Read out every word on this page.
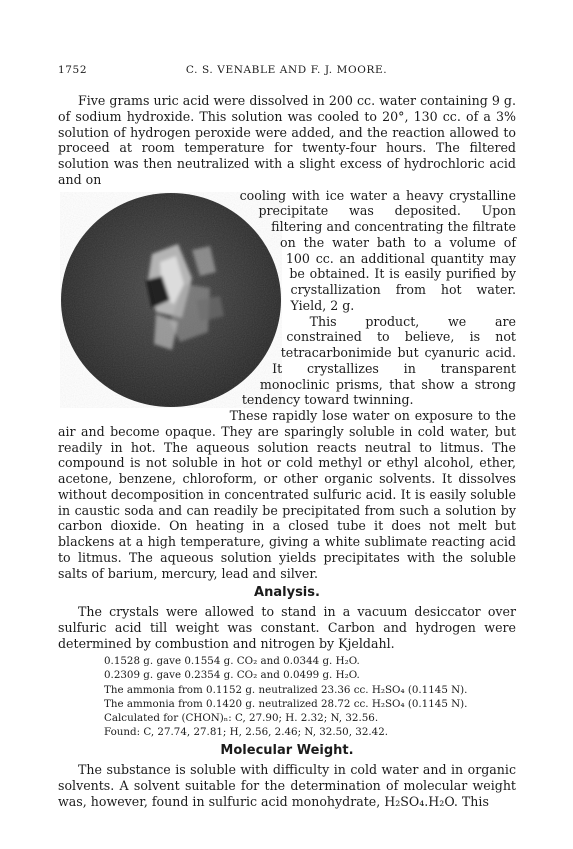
1752	C. S. VENABLE AND F. J. MOORE.

Five grams uric acid were dissolved in 200 cc. water containing 9 g. of sodium hydroxide. This solution was cooled to 20°, 130 cc. of a 3% solution of hydrogen peroxide were added, and the reaction allowed to proceed at room temperature for twenty-four hours. The filtered solution was then neutralized with a slight excess of hydrochloric acid and on

cooling with ice water a heavy crystalline precipitate was deposited. Upon filtering and concentrating the filtrate on the water bath to a volume of 100 cc. an additional quantity may be obtained. It is easily purified by crystallization from hot water. Yield, 2 g.

This product, we are constrained to believe, is not tetracarbonimide but cyanuric acid. It crystallizes in transparent monoclinic prisms, that show a strong tendency toward twinning.

These rapidly lose water on exposure to the air and become opaque. They are sparingly soluble in cold water, but readily in hot. The aqueous solution reacts neutral to litmus. The compound is not soluble in hot or cold methyl or ethyl alcohol, ether, acetone, benzene, chloroform, or other organic solvents. It dissolves without decomposition in concentrated sulfuric acid. It is easily soluble in caustic soda and can readily be precipitated from such a solution by carbon dioxide. On heating in a closed tube it does not melt but blackens at a high temperature, giving a white sublimate reacting acid to litmus. The aqueous solution yields precipitates with the soluble salts of barium, mercury, lead and silver.

Analysis.

The crystals were allowed to stand in a vacuum desiccator over sulfuric acid till weight was constant. Carbon and hydrogen were determined by combustion and nitrogen by Kjeldahl.

0.1528 g. gave 0.1554 g. CO₂ and 0.0344 g. H₂O.
0.2309 g. gave 0.2354 g. CO₂ and 0.0499 g. H₂O.
The ammonia from 0.1152 g. neutralized 23.36 cc. H₂SO₄ (0.1145 N).
The ammonia from 0.1420 g. neutralized 28.72 cc. H₂SO₄ (0.1145 N).
Calculated for (CHON)ₙ: C, 27.90; H. 2.32; N, 32.56.
Found: C, 27.74, 27.81; H, 2.56, 2.46; N, 32.50, 32.42.
Molecular Weight.

The substance is soluble with difficulty in cold water and in organic solvents. A solvent suitable for the determination of molecular weight was, however, found in sulfuric acid monohydrate, H₂SO₄.H₂O. This
